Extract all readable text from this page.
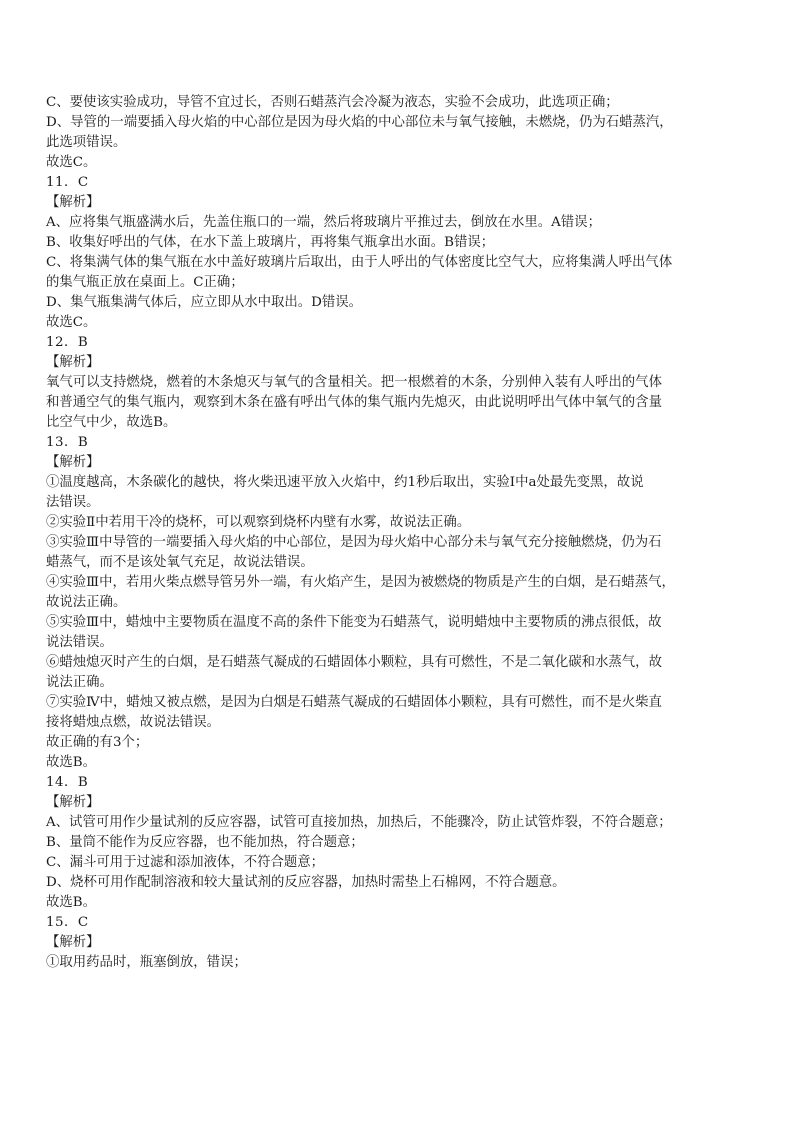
C、要使该实验成功，导管不宜过长，否则石蜡蒸汽会冷凝为液态，实验不会成功，此选项正确；
D、导管的一端要插入母火焰的中心部位是因为母火焰的中心部位未与氧气接触，未燃烧，仍为石蜡蒸汽，
此选项错误。
故选C。
11．C
【解析】
A、应将集气瓶盛满水后，先盖住瓶口的一端，然后将玻璃片平推过去，倒放在水里。A错误；
B、收集好呼出的气体，在水下盖上玻璃片，再将集气瓶拿出水面。B错误；
C、将集满气体的集气瓶在水中盖好玻璃片后取出，由于人呼出的气体密度比空气大，应将集满人呼出气体
的集气瓶正放在桌面上。C正确；
D、集气瓶集满气体后，应立即从水中取出。D错误。
故选C。
12．B
【解析】
氧气可以支持燃烧，燃着的木条熄灭与氧气的含量相关。把一根燃着的木条，分别伸入装有人呼出的气体
和普通空气的集气瓶内，观察到木条在盛有呼出气体的集气瓶内先熄灭，由此说明呼出气体中氧气的含量
比空气中少，故选B。
13．B
【解析】
①温度越高，木条碳化的越快，将火柴迅速平放入火焰中，约1秒后取出，实验Ⅰ中a处最先变黑，故说
法错误。
②实验Ⅱ中若用干冷的烧杯，可以观察到烧杯内壁有水雾，故说法正确。
③实验Ⅲ中导管的一端要插入母火焰的中心部位，是因为母火焰中心部分未与氧气充分接触燃烧，仍为石
蜡蒸气，而不是该处氧气充足，故说法错误。
④实验Ⅲ中，若用火柴点燃导管另外一端，有火焰产生，是因为被燃烧的物质是产生的白烟，是石蜡蒸气，
故说法正确。
⑤实验Ⅲ中，蜡烛中主要物质在温度不高的条件下能变为石蜡蒸气，说明蜡烛中主要物质的沸点很低，故
说法错误。
⑥蜡烛熄灭时产生的白烟，是石蜡蒸气凝成的石蜡固体小颗粒，具有可燃性，不是二氧化碳和水蒸气，故
说法正确。
⑦实验Ⅳ中，蜡烛又被点燃，是因为白烟是石蜡蒸气凝成的石蜡固体小颗粒，具有可燃性，而不是火柴直
接将蜡烛点燃，故说法错误。
故正确的有3个；
故选B。
14．B
【解析】
A、试管可用作少量试剂的反应容器，试管可直接加热，加热后，不能骤冷，防止试管炸裂，不符合题意；
B、量筒不能作为反应容器，也不能加热，符合题意；
C、漏斗可用于过滤和添加液体，不符合题意；
D、烧杯可用作配制溶液和较大量试剂的反应容器，加热时需垫上石棉网，不符合题意。
故选B。
15．C
【解析】
①取用药品时，瓶塞倒放，错误；
